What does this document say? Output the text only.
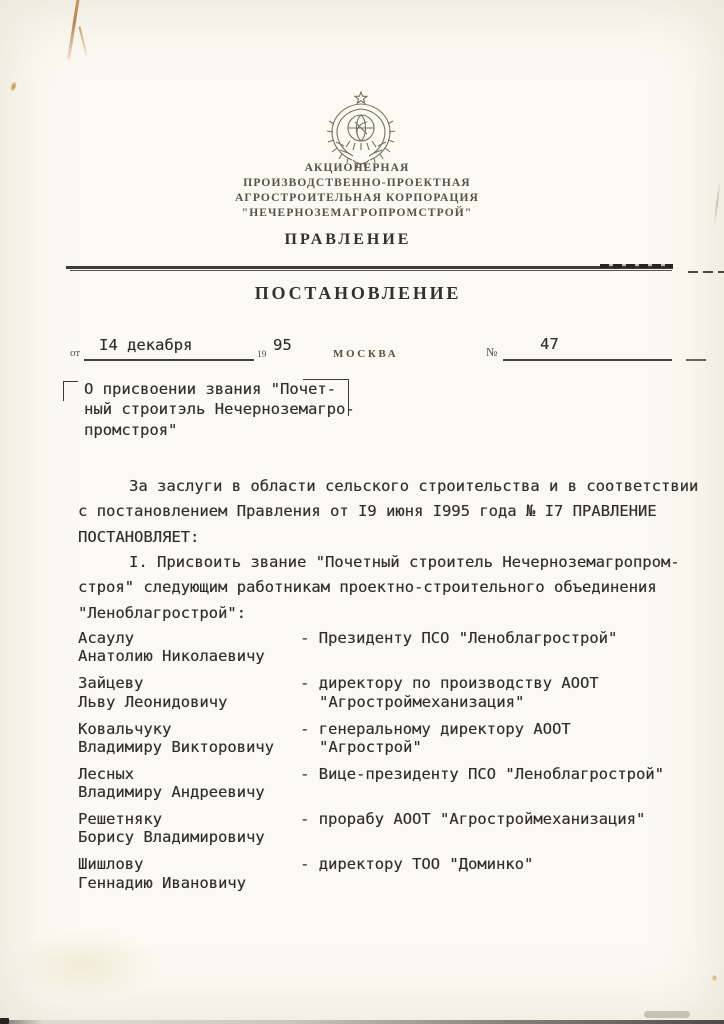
АКЦИОНЕРНАЯ
ПРОИЗВОДСТВЕННО-ПРОЕКТНАЯ
АГРОСТРОИТЕЛЬНАЯ КОРПОРАЦИЯ
"НЕЧЕРНОЗЕМАГРОПРОМСТРОЙ"
ПРАВЛЕНИЕ
ПОСТАНОВЛЕНИЕ
от I4 декабря
19
95	МОСКВА	№	47
О присвоении звания "Почет-
ный строитэль Нечерноземагро-
промстроя"
За заслуги в области сельского строительства и в соответствии
с постановлением Правления от I9 июня I995 года № I7 ПРАВЛЕНИЕ
ПОСТАНОВЛЯЕТ:
I. Присвоить звание "Почетный строитель Нечерноземагропром-
строя" следующим работникам проектно-строительного объединения
"Леноблагрострой":
Асаулу
Анатолию Николаевичу
- Президенту ПСО "Леноблагрострой"
Зайцеву
Льву Леонидовичу
- директору по производству АООТ
"Агростроймеханизация"
Ковальчуку
Владимиру Викторовичу
- генеральному директору АООТ
"Агрострой"
Лесных
Владимиру Андреевичу
- Вице-президенту ПСО "Леноблагрострой"
Решетняку
Борису Владимировичу
- прорабу АООТ "Агростроймеханизация"
Шишлову
Геннадию Ивановичу
- директору ТОО "Доминко"
